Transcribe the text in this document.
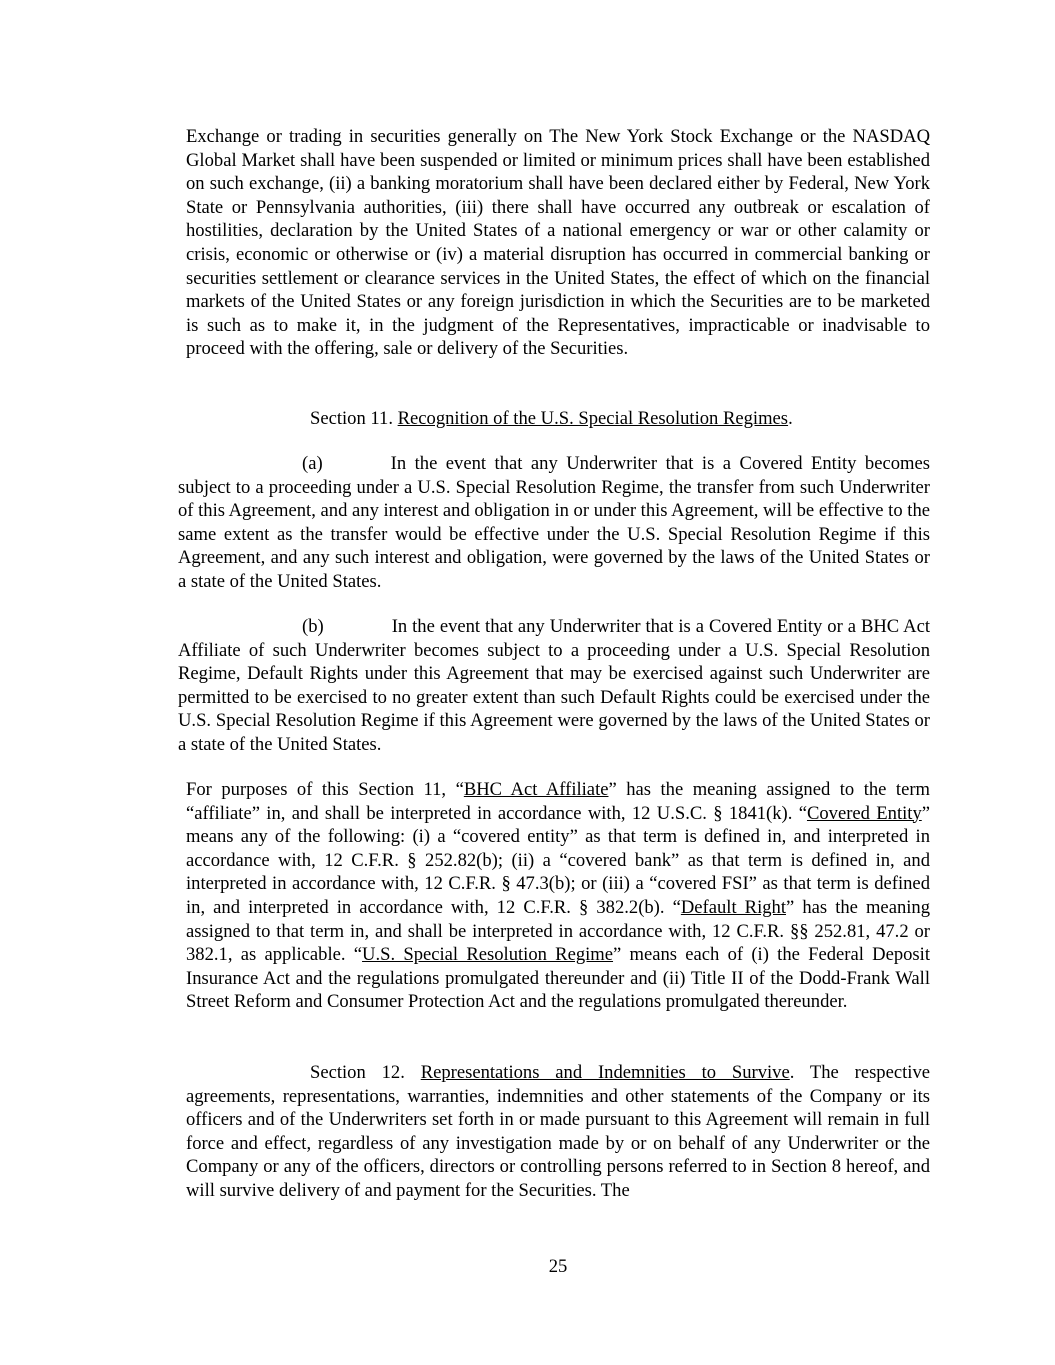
Exchange or trading in securities generally on The New York Stock Exchange or the NASDAQ Global Market shall have been suspended or limited or minimum prices shall have been established on such exchange, (ii) a banking moratorium shall have been declared either by Federal, New York State or Pennsylvania authorities, (iii) there shall have occurred any outbreak or escalation of hostilities, declaration by the United States of a national emergency or war or other calamity or crisis, economic or otherwise or (iv) a material disruption has occurred in commercial banking or securities settlement or clearance services in the United States, the effect of which on the financial markets of the United States or any foreign jurisdiction in which the Securities are to be marketed is such as to make it, in the judgment of the Representatives, impracticable or inadvisable to proceed with the offering, sale or delivery of the Securities.

Section 11. Recognition of the U.S. Special Resolution Regimes.

(a)	In the event that any Underwriter that is a Covered Entity becomes subject to a proceeding under a U.S. Special Resolution Regime, the transfer from such Underwriter of this Agreement, and any interest and obligation in or under this Agreement, will be effective to the same extent as the transfer would be effective under the U.S. Special Resolution Regime if this Agreement, and any such interest and obligation, were governed by the laws of the United States or a state of the United States.

(b)	In the event that any Underwriter that is a Covered Entity or a BHC Act Affiliate of such Underwriter becomes subject to a proceeding under a U.S. Special Resolution Regime, Default Rights under this Agreement that may be exercised against such Underwriter are permitted to be exercised to no greater extent than such Default Rights could be exercised under the U.S. Special Resolution Regime if this Agreement were governed by the laws of the United States or a state of the United States.

For purposes of this Section 11, “BHC Act Affiliate” has the meaning assigned to the term “affiliate” in, and shall be interpreted in accordance with, 12 U.S.C. § 1841(k). “Covered Entity” means any of the following: (i) a “covered entity” as that term is defined in, and interpreted in accordance with, 12 C.F.R. § 252.82(b); (ii) a “covered bank” as that term is defined in, and interpreted in accordance with, 12 C.F.R. § 47.3(b); or (iii) a “covered FSI” as that term is defined in, and interpreted in accordance with, 12 C.F.R. § 382.2(b). “Default Right” has the meaning assigned to that term in, and shall be interpreted in accordance with, 12 C.F.R. §§ 252.81, 47.2 or 382.1, as applicable. “U.S. Special Resolution Regime” means each of (i) the Federal Deposit Insurance Act and the regulations promulgated thereunder and (ii) Title II of the Dodd-Frank Wall Street Reform and Consumer Protection Act and the regulations promulgated thereunder.

Section 12. Representations and Indemnities to Survive. The respective agreements, representations, warranties, indemnities and other statements of the Company or its officers and of the Underwriters set forth in or made pursuant to this Agreement will remain in full force and effect, regardless of any investigation made by or on behalf of any Underwriter or the Company or any of the officers, directors or controlling persons referred to in Section 8 hereof, and will survive delivery of and payment for the Securities. The

25
